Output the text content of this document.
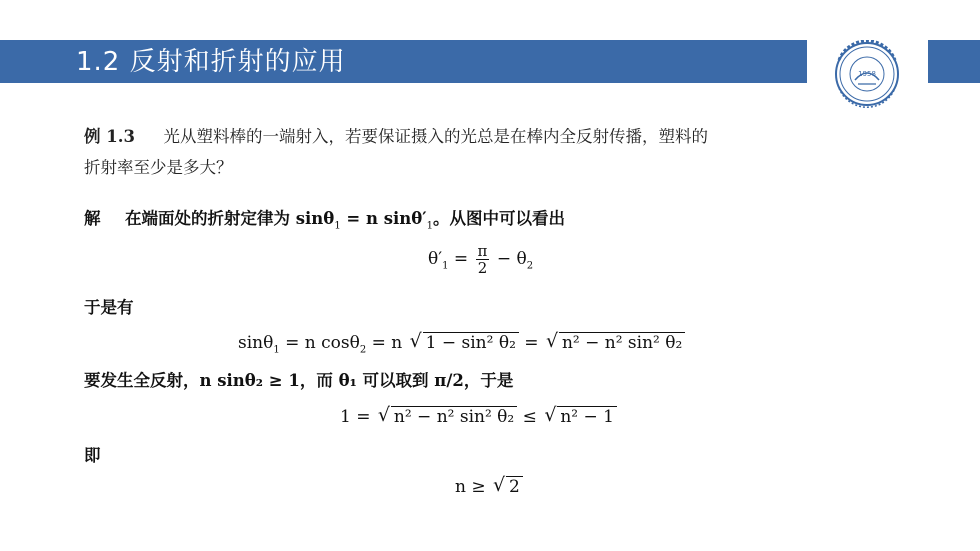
1.2 反射和折射的应用	1958
例 1.3 光从塑料棒的一端射入，若要保证摄入的光总是在棒内全反射传播，塑料的
折射率至少是多大？
解 在端面处的折射定律为 sinθ$_1$ = n $\sin\theta'_1$。从图中可以看出
$\theta'_1 = \frac{\pi}{2} - \theta_2$
于是有
sinθ$_1$ = n cosθ$_2$ = n √ 1 − sin² θ₂ = √ n² − n² sin² θ₂
要发生全反射，n sinθ₂ ≥ 1，而 θ₁ 可以取到 π/2，于是
1 = √ n² − n² sin² θ₂ ≤ √ n² − 1
即
n ≥ √ 2
